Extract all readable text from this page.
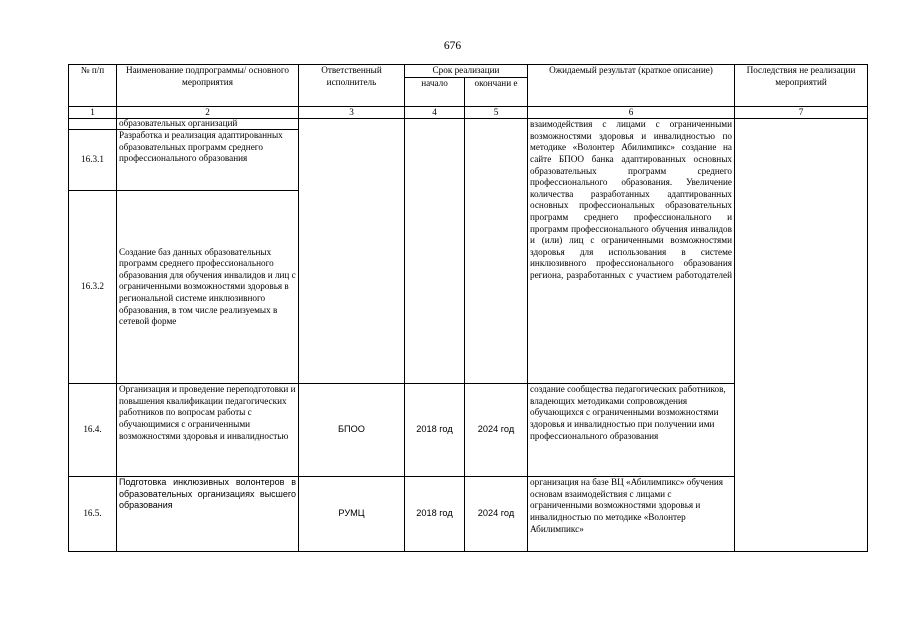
676
№ п/п	Наименование подпрограммы/ основного мероприятия	Ответственный исполнитель	Срок реализации		Ожидаемый результат (краткое описание)	Последствия не реализации мероприятий
			начало	окончани е		
1	2	3	4	5	6	7
	образовательных организаций				взаимодействия с лицами с ограниченными возможностями здоровья и инвалидностью по методике «Волонтер Абилимпикс» создание на сайте БПОО банка адаптированных основных образовательных программ среднего профессионального образования. Увеличение количества разработанных адаптированных основных профессиональных образовательных программ среднего профессионального и программ профессионального обучения инвалидов и (или) лиц с ограниченными возможностями здоровья для использования в системе инклюзивного профессионального образования региона, разработанных с участием работодателей	
16.3.1	Разработка и реализация адаптированных образовательных программ среднего профессионального образования					
16.3.2	Создание баз данных образовательных программ среднего профессионального образования для обучения инвалидов и лиц с ограниченными возможностями здоровья в региональной системе инклюзивного образования, в том числе реализуемых в сетевой форме					
16.4.	Организация и проведение переподготовки и повышения квалификации педагогических работников по вопросам работы с обучающимися с ограниченными возможностями здоровья и инвалидностью	БПОО	2018 год	2024 год	создание сообщества педагогических работников, владеющих методиками сопровождения обучающихся с ограниченными возможностями здоровья и инвалидностью при получении ими профессионального образования	
16.5.	Подготовка инклюзивных волонтеров в образовательных организациях высшего образования	РУМЦ	2018 год	2024 год	организация на базе ВЦ «Абилимпикс» обучения основам взаимодействия с лицами с ограниченными возможностями здоровья и инвалидностью по методике «Волонтер Абилимпикс»	
